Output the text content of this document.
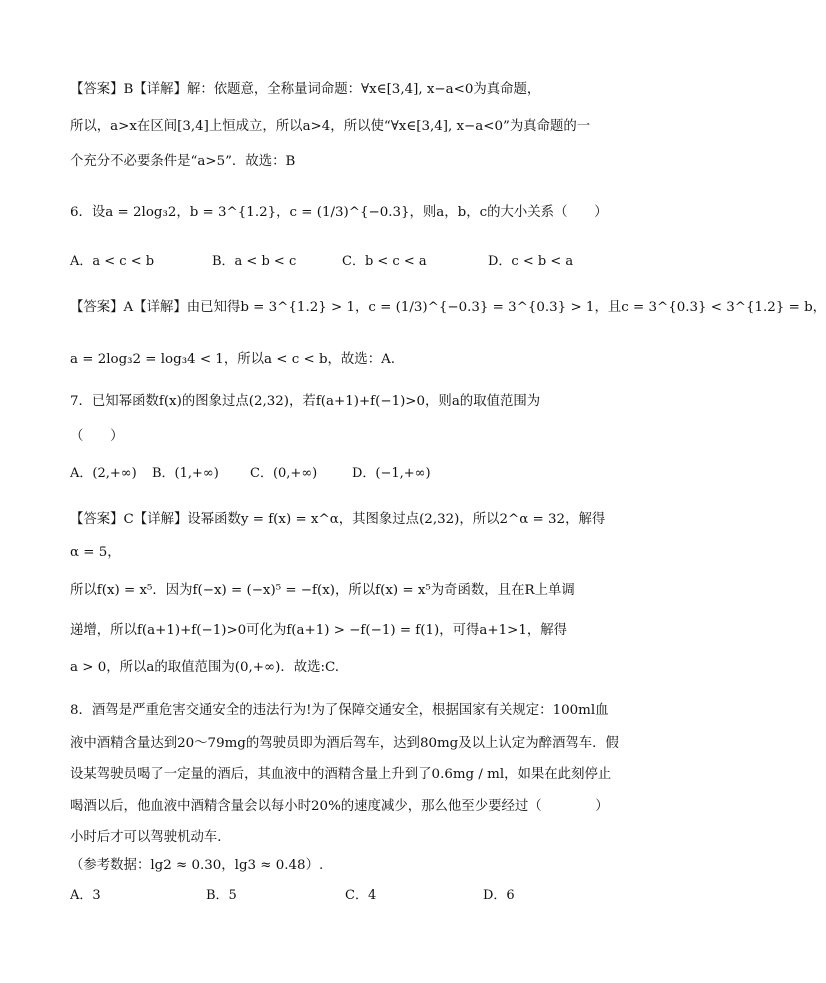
【答案】B【详解】解：依题意，全称量词命题：∀x∈[3,4], x−a<0为真命题，
所以，a>x在区间[3,4]上恒成立，所以a>4，所以使“∀x∈[3,4], x−a<0”为真命题的一
个充分不必要条件是“a>5”．故选：B
6．设a = 2log₃2，b = 3^{1.2}，c = (1/3)^{−0.3}，则a，b，c的大小关系（　　）
A．a < c < b	B．a < b < c	C．b < c < a	D．c < b < a
【答案】A【详解】由已知得b = 3^{1.2} > 1，c = (1/3)^{−0.3} = 3^{0.3} > 1，且c = 3^{0.3} < 3^{1.2} = b，
a = 2log₃2 = log₃4 < 1，所以a < c < b，故选：A.
7．已知幂函数f(x)的图象过点(2,32)，若f(a+1)+f(−1)>0，则a的取值范围为
（　　）
A．(2,+∞) B．(1,+∞) C．(0,+∞)	D．(−1,+∞)
【答案】C【详解】设幂函数y = f(x) = x^α，其图象过点(2,32)，所以2^α = 32，解得
α = 5，
所以f(x) = x⁵．因为f(−x) = (−x)⁵ = −f(x)，所以f(x) = x⁵为奇函数，且在R上单调
递增，所以f(a+1)+f(−1)>0可化为f(a+1) > −f(−1) = f(1)，可得a+1>1，解得
a > 0，所以a的取值范围为(0,+∞)．故选:C.
8．酒驾是严重危害交通安全的违法行为!为了保障交通安全，根据国家有关规定：100ml血
液中酒精含量达到20～79mg的驾驶员即为酒后驾车，达到80mg及以上认定为醉酒驾车．假
设某驾驶员喝了一定量的酒后，其血液中的酒精含量上升到了0.6mg / ml，如果在此刻停止
喝酒以后，他血液中酒精含量会以每小时20%的速度减少，那么他至少要经过（　　　　）
小时后才可以驾驶机动车．
（参考数据：lg2 ≈ 0.30，lg3 ≈ 0.48）.
A．3	B．5	C．4	D．6
